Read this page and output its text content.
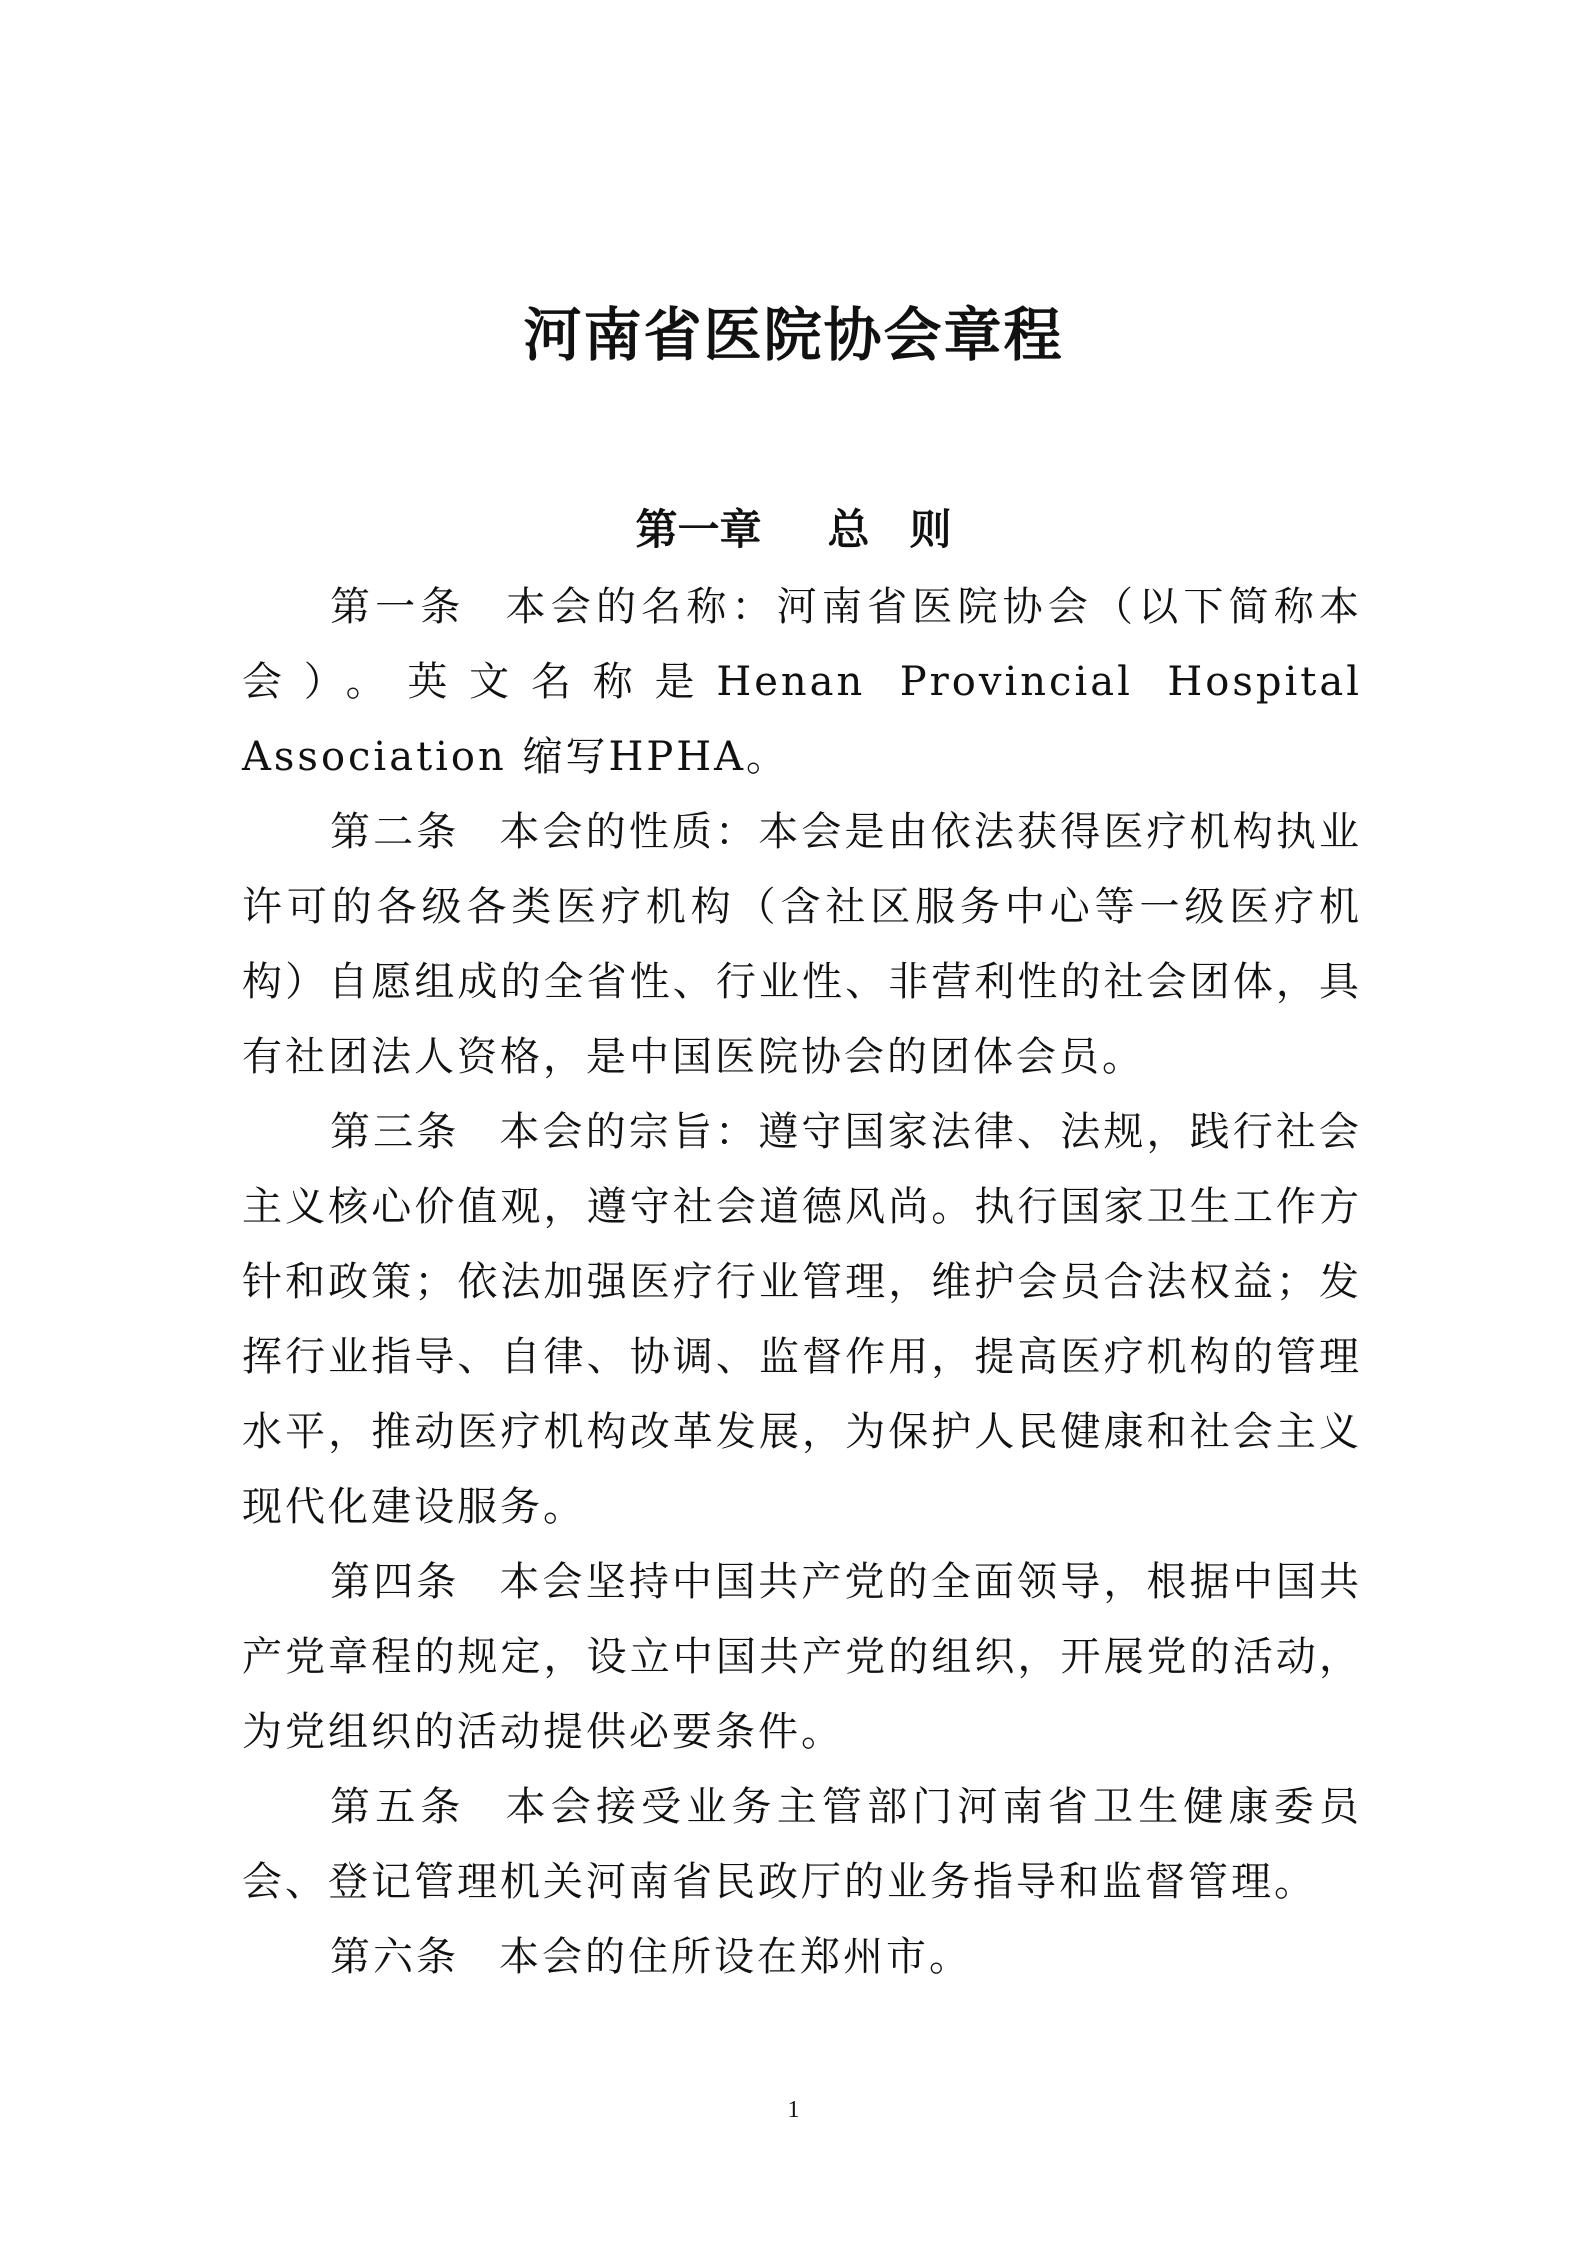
河南省医院协会章程
第一章 总 则

第一条 本会的名称：河南省医院协会（以下简称本会）。英文名称是Henan Provincial Hospital Association 缩写HPHA。

第二条 本会的性质：本会是由依法获得医疗机构执业许可的各级各类医疗机构（含社区服务中心等一级医疗机构）自愿组成的全省性、行业性、非营利性的社会团体，具有社团法人资格，是中国医院协会的团体会员。

第三条 本会的宗旨：遵守国家法律、法规，践行社会主义核心价值观，遵守社会道德风尚。执行国家卫生工作方针和政策；依法加强医疗行业管理，维护会员合法权益；发挥行业指导、自律、协调、监督作用，提高医疗机构的管理水平，推动医疗机构改革发展，为保护人民健康和社会主义现代化建设服务。

第四条 本会坚持中国共产党的全面领导，根据中国共产党章程的规定，设立中国共产党的组织，开展党的活动，为党组织的活动提供必要条件。

第五条 本会接受业务主管部门河南省卫生健康委员会、登记管理机关河南省民政厅的业务指导和监督管理。

第六条 本会的住所设在郑州市。

1
